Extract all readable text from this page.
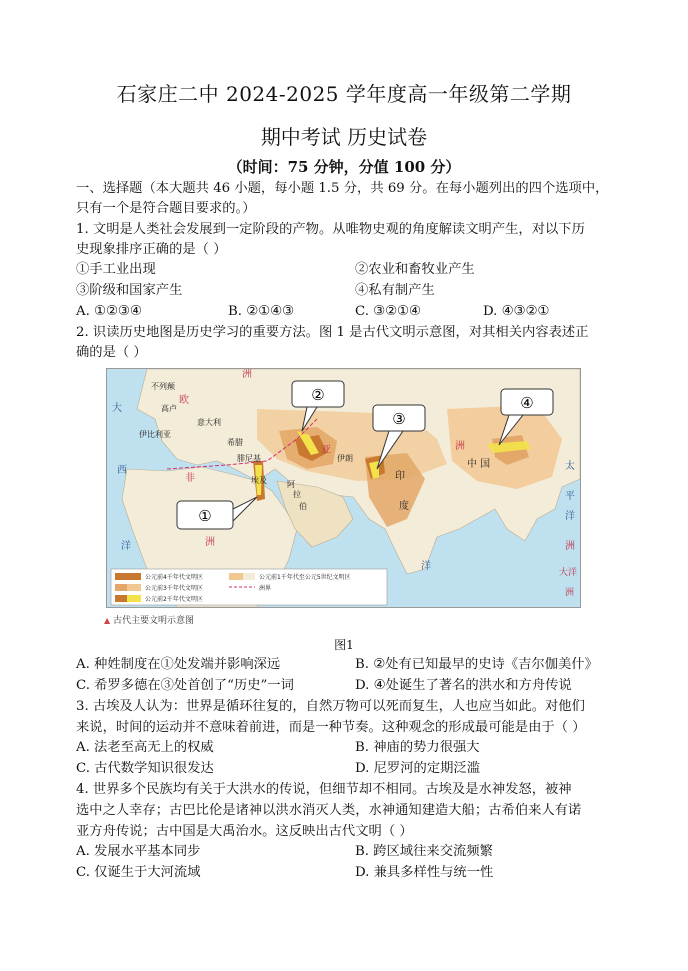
石家庄二中 2024-2025 学年度高一年级第二学期
期中考试 历史试卷
（时间：75 分钟，分值 100 分）
一、选择题（本大题共 46 小题，每小题 1.5 分，共 69 分。在每小题列出的四个选项中，
只有一个是符合题目要求的。）
1. 文明是人类社会发展到一定阶段的产物。从唯物史观的角度解读文明产生，对以下历
史现象排序正确的是（ ）
①手工业出现	②农业和畜牧业产生
③阶级和国家产生	④私有制产生
A. ①②③④	B. ②①④③	C. ③②①④	D. ④③②①
2. 识读历史地图是历史学习的重要方法。图 1 是古代文明示意图，对其相关内容表述正
确的是（ ）
②
③
④
①
不列颠
欧
高卢
洲
大
伊比利亚
意大利
希腊
西
腓尼基
亚
伊朗
非	埃及	阿
拉
伯
洲
洋
印
度
中 国
洲
洋
太
平
洋
洲
大洋
洲
公元前4千年代文明区
公元前3千年代文明区
公元前2千年代文明区
公元前1千年代至公元5世纪文明区
洲界
▲ 古代主要文明示意图
图1
A. 种姓制度在①处发端并影响深远	B. ②处有已知最早的史诗《吉尔伽美什》
C. 希罗多德在③处首创了“历史”一词	D. ④处诞生了著名的洪水和方舟传说
3. 古埃及人认为：世界是循环往复的，自然万物可以死而复生，人也应当如此。对他们
来说，时间的运动并不意味着前进，而是一种节奏。这种观念的形成最可能是由于（ ）
A. 法老至高无上的权威	B. 神庙的势力很强大
C. 古代数学知识很发达	D. 尼罗河的定期泛滥
4. 世界多个民族均有关于大洪水的传说，但细节却不相同。古埃及是水神发怒，被神
选中之人幸存；古巴比伦是诸神以洪水消灭人类，水神通知建造大船；古希伯来人有诺
亚方舟传说；古中国是大禹治水。这反映出古代文明（ ）
A. 发展水平基本同步	B. 跨区域往来交流频繁
C. 仅诞生于大河流域	D. 兼具多样性与统一性
